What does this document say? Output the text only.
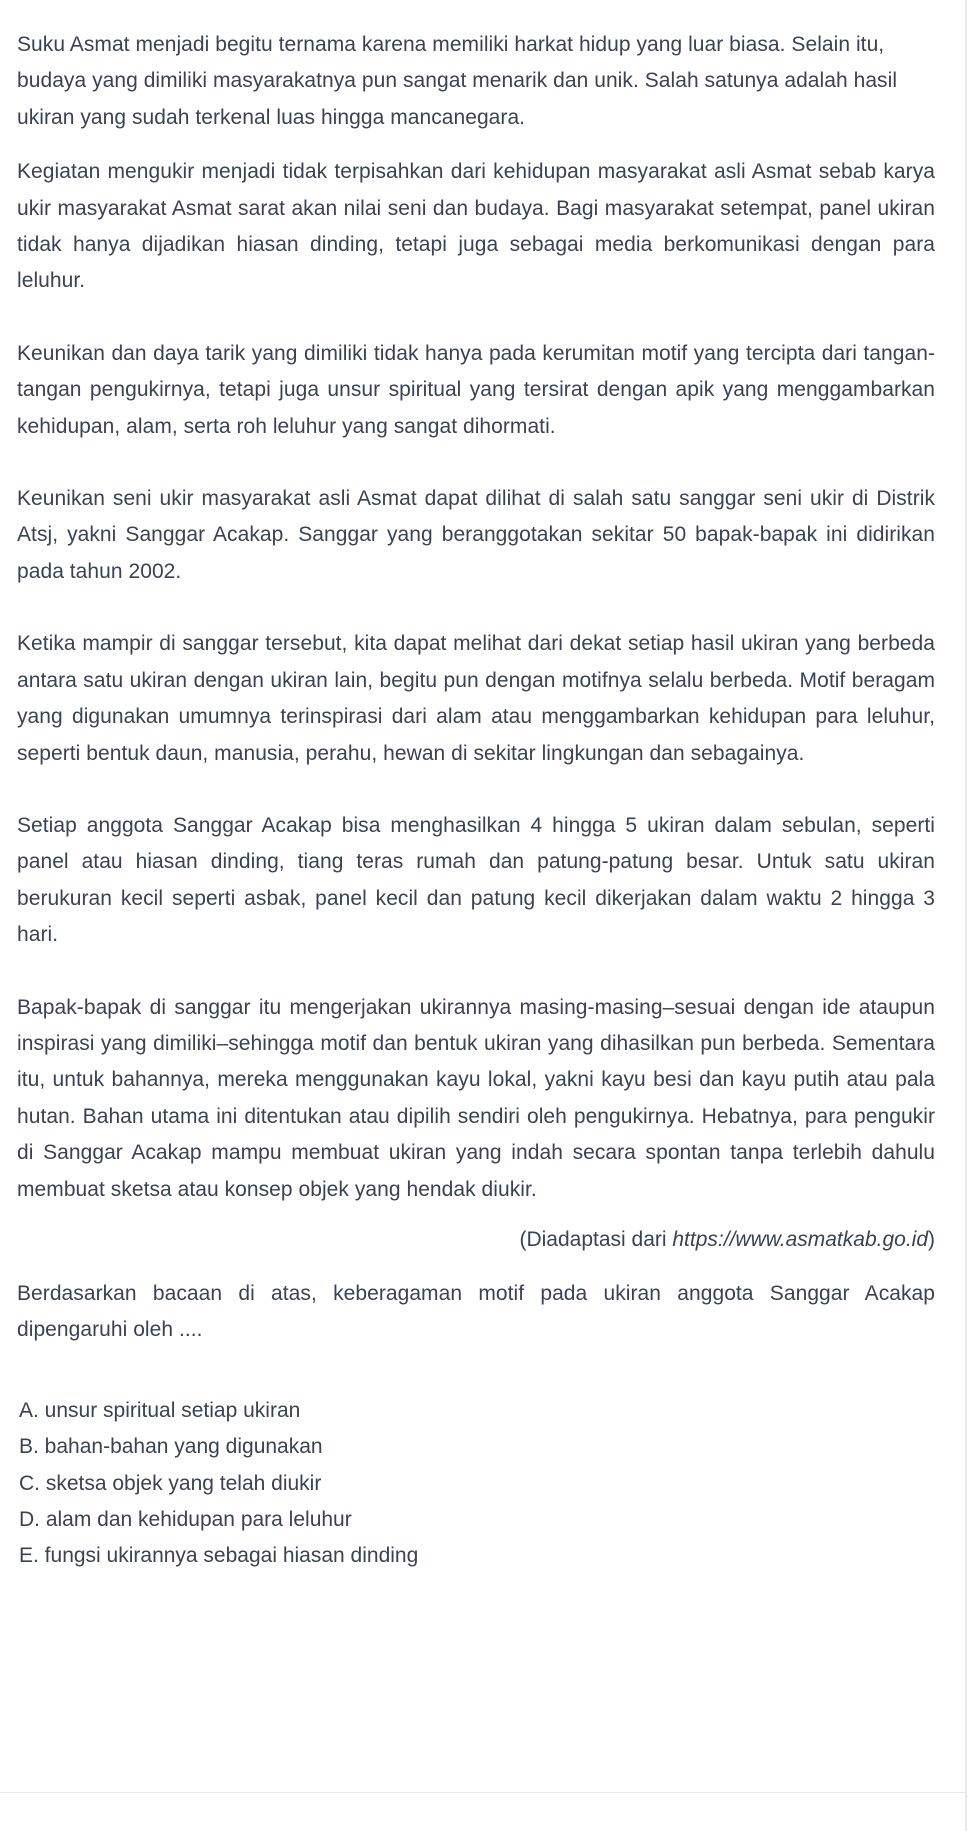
Suku Asmat menjadi begitu ternama karena memiliki harkat hidup yang luar biasa. Selain itu, budaya yang dimiliki masyarakatnya pun sangat menarik dan unik. Salah satunya adalah hasil ukiran yang sudah terkenal luas hingga mancanegara.

Kegiatan mengukir menjadi tidak terpisahkan dari kehidupan masyarakat asli Asmat sebab karya ukir masyarakat Asmat sarat akan nilai seni dan budaya. Bagi masyarakat setempat, panel ukiran tidak hanya dijadikan hiasan dinding, tetapi juga sebagai media berkomunikasi dengan para leluhur.

Keunikan dan daya tarik yang dimiliki tidak hanya pada kerumitan motif yang tercipta dari tangan-tangan pengukirnya, tetapi juga unsur spiritual yang tersirat dengan apik yang menggambarkan kehidupan, alam, serta roh leluhur yang sangat dihormati.

Keunikan seni ukir masyarakat asli Asmat dapat dilihat di salah satu sanggar seni ukir di Distrik Atsj, yakni Sanggar Acakap. Sanggar yang beranggotakan sekitar 50 bapak-bapak ini didirikan pada tahun 2002.

Ketika mampir di sanggar tersebut, kita dapat melihat dari dekat setiap hasil ukiran yang berbeda antara satu ukiran dengan ukiran lain, begitu pun dengan motifnya selalu berbeda. Motif beragam yang digunakan umumnya terinspirasi dari alam atau menggambarkan kehidupan para leluhur, seperti bentuk daun, manusia, perahu, hewan di sekitar lingkungan dan sebagainya.

Setiap anggota Sanggar Acakap bisa menghasilkan 4 hingga 5 ukiran dalam sebulan, seperti panel atau hiasan dinding, tiang teras rumah dan patung-patung besar. Untuk satu ukiran berukuran kecil seperti asbak, panel kecil dan patung kecil dikerjakan dalam waktu 2 hingga 3 hari.

Bapak-bapak di sanggar itu mengerjakan ukirannya masing-masing–sesuai dengan ide ataupun inspirasi yang dimiliki–sehingga motif dan bentuk ukiran yang dihasilkan pun berbeda. Sementara itu, untuk bahannya, mereka menggunakan kayu lokal, yakni kayu besi dan kayu putih atau pala hutan. Bahan utama ini ditentukan atau dipilih sendiri oleh pengukirnya. Hebatnya, para pengukir di Sanggar Acakap mampu membuat ukiran yang indah secara spontan tanpa terlebih dahulu membuat sketsa atau konsep objek yang hendak diukir.

(Diadaptasi dari https://www.asmatkab.go.id)

Berdasarkan bacaan di atas, keberagaman motif pada ukiran anggota Sanggar Acakap dipengaruhi oleh ....

A. unsur spiritual setiap ukiran
B. bahan-bahan yang digunakan
C. sketsa objek yang telah diukir
D. alam dan kehidupan para leluhur
E. fungsi ukirannya sebagai hiasan dinding
